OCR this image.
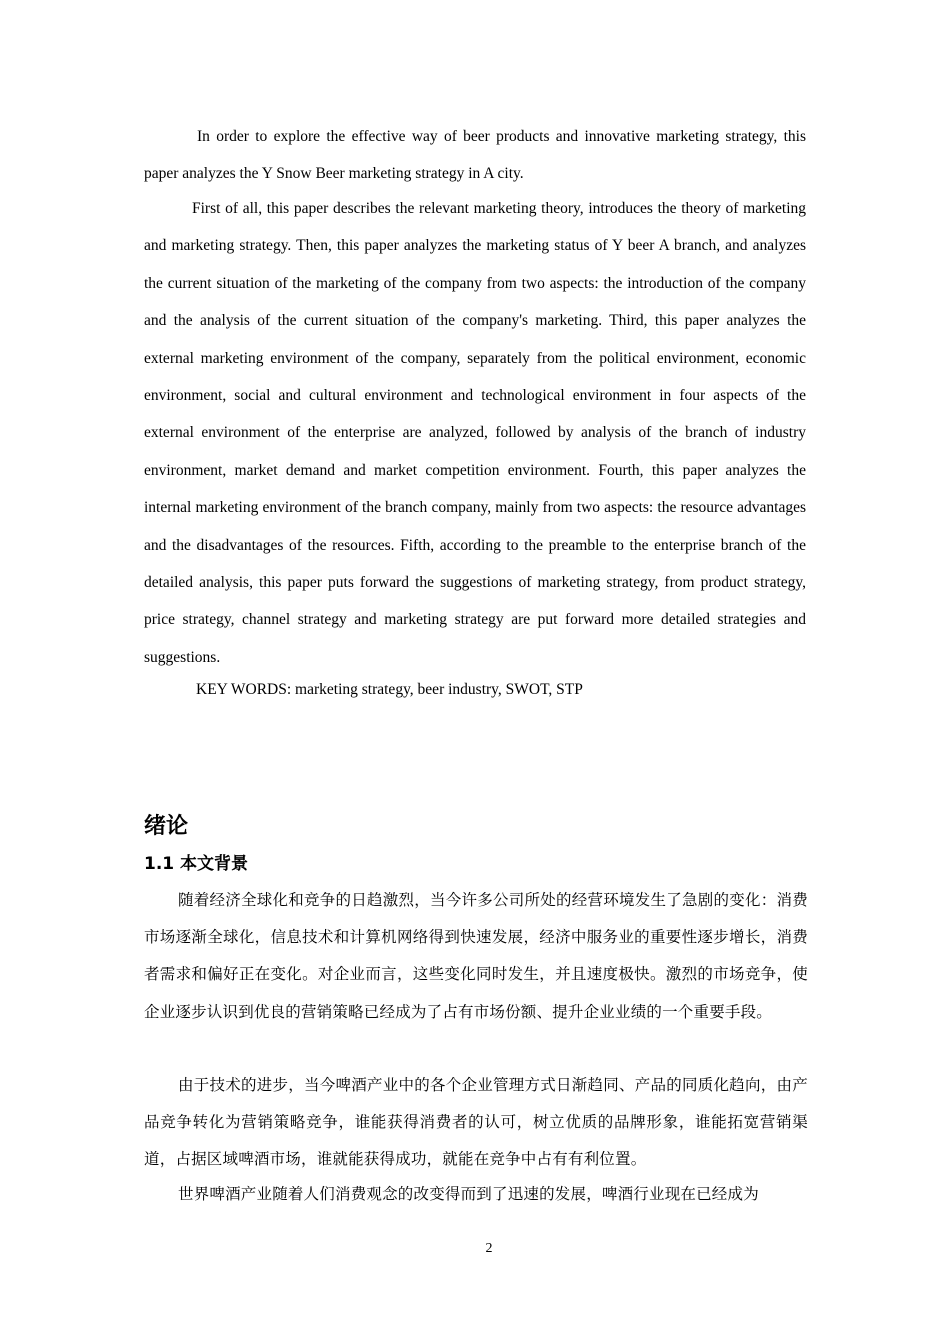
In order to explore the effective way of beer products and innovative marketing strategy, this paper analyzes the Y Snow Beer marketing strategy in A city.

First of all, this paper describes the relevant marketing theory, introduces the theory of marketing and marketing strategy. Then, this paper analyzes the marketing status of Y beer A branch, and analyzes the current situation of the marketing of the company from two aspects: the introduction of the company and the analysis of the current situation of the company's marketing. Third, this paper analyzes the external marketing environment of the company, separately from the political environment, economic environment, social and cultural environment and technological environment in four aspects of the external environment of the enterprise are analyzed, followed by analysis of the branch of industry environment, market demand and market competition environment. Fourth, this paper analyzes the internal marketing environment of the branch company, mainly from two aspects: the resource advantages and the disadvantages of the resources. Fifth, according to the preamble to the enterprise branch of the detailed analysis, this paper puts forward the suggestions of marketing strategy, from product strategy, price strategy, channel strategy and marketing strategy are put forward more detailed strategies and suggestions.

KEY WORDS: marketing strategy, beer industry, SWOT, STP

绪论
1.1 本文背景

随着经济全球化和竞争的日趋激烈，当今许多公司所处的经营环境发生了急剧的变化：消费市场逐渐全球化，信息技术和计算机网络得到快速发展，经济中服务业的重要性逐步增长，消费者需求和偏好正在变化。对企业而言，这些变化同时发生，并且速度极快。激烈的市场竞争，使企业逐步认识到优良的营销策略已经成为了占有市场份额、提升企业业绩的一个重要手段。

由于技术的进步，当今啤酒产业中的各个企业管理方式日渐趋同、产品的同质化趋向，由产品竞争转化为营销策略竞争，谁能获得消费者的认可，树立优质的品牌形象，谁能拓宽营销渠道，占据区域啤酒市场，谁就能获得成功，就能在竞争中占有有利位置。

世界啤酒产业随着人们消费观念的改变得而到了迅速的发展，啤酒行业现在已经成为

2
